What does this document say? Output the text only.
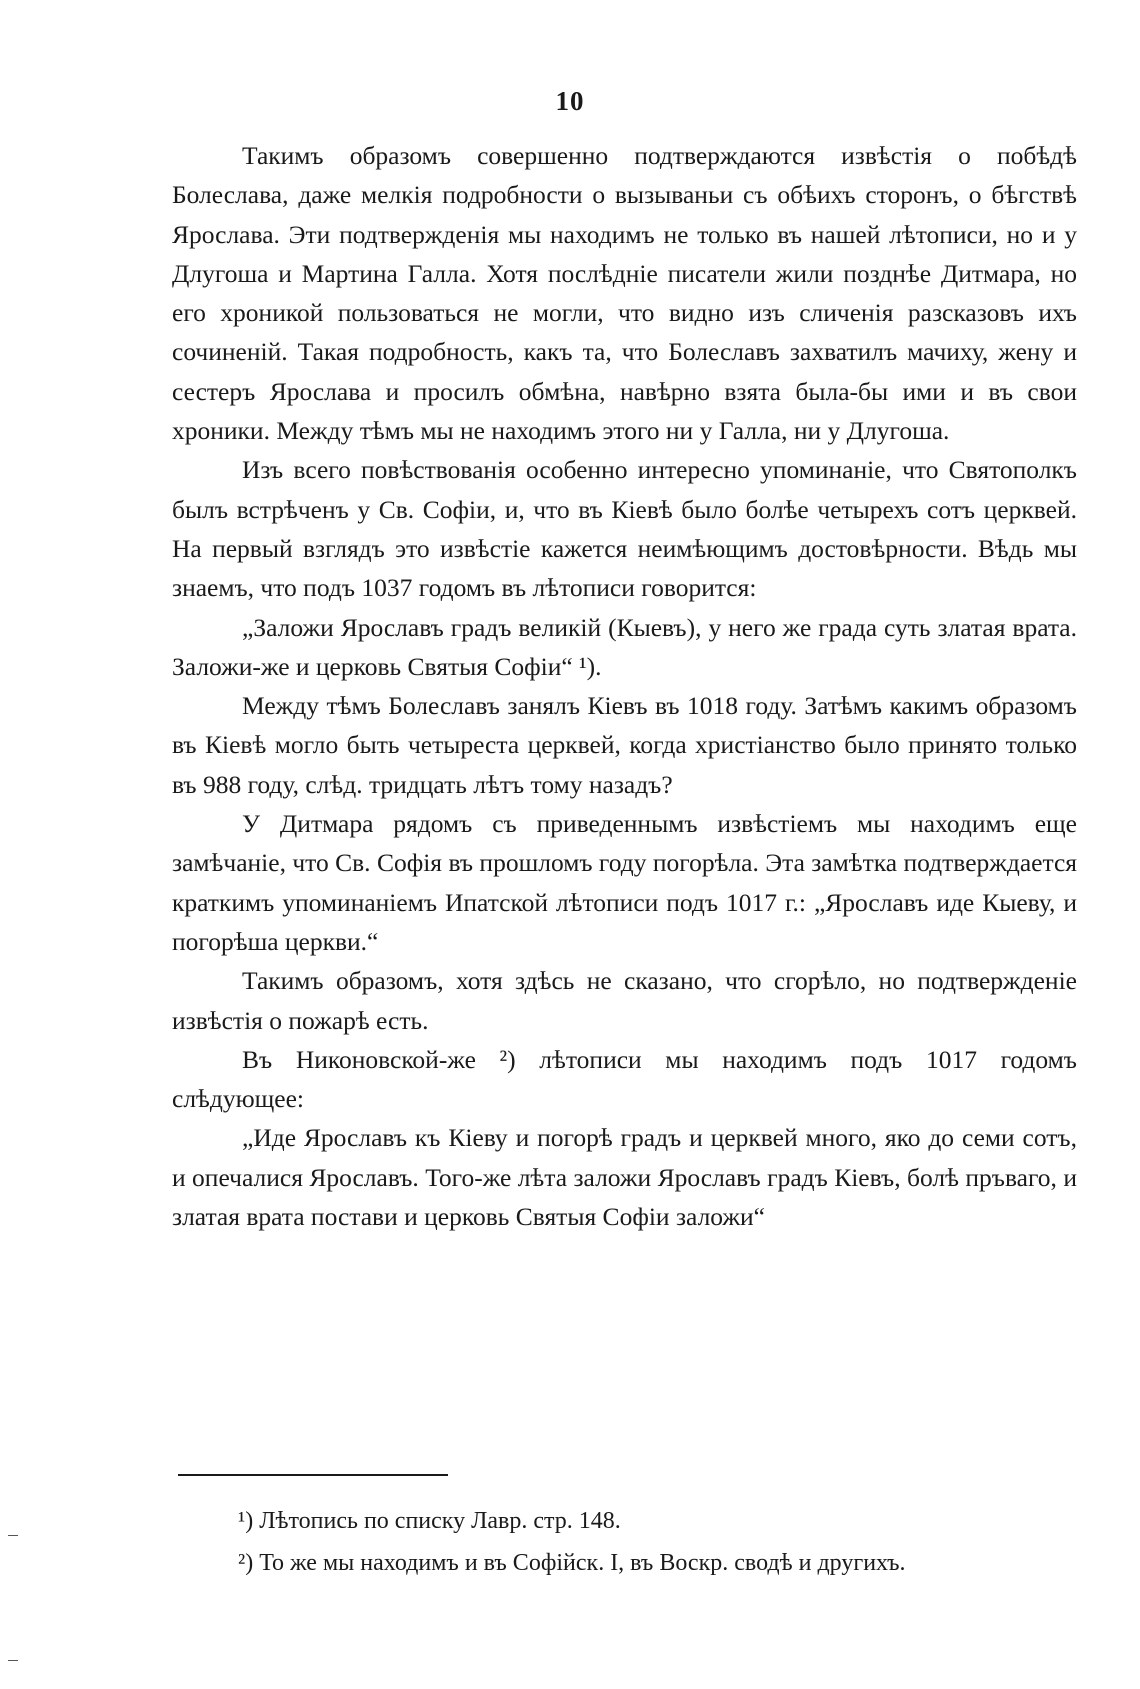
10

Такимъ образомъ совершенно подтверждаются извѣстія о побѣдѣ Болеслава, даже мелкія подробности о вызываньи съ обѣихъ сторонъ, о бѣгствѣ Ярослава. Эти подтвержденія мы находимъ не только въ нашей лѣтописи, но и у Длугоша и Мартина Галла. Хотя послѣдніе писатели жили позднѣе Дитмара, но его хроникой пользоваться не могли, что видно изъ сличенія разсказовъ ихъ сочиненій. Такая подробность, какъ та, что Болеславъ захватилъ мачиху, жену и сестеръ Ярослава и просилъ обмѣна, навѣрно взята была-бы ими и въ свои хроники. Между тѣмъ мы не находимъ этого ни у Галла, ни у Длугоша.

Изъ всего повѣствованія особенно интересно упоминаніе, что Святополкъ былъ встрѣченъ у Св. Софіи, и, что въ Кіевѣ было болѣе четырехъ сотъ церквей. На первый взглядъ это извѣстіе кажется неимѣющимъ достовѣрности. Вѣдь мы знаемъ, что подъ 1037 годомъ въ лѣтописи говорится:

„Заложи Ярославъ градъ великій (Кыевъ), у него же града суть златая врата. Заложи-же и церковь Святыя Софіи“ ¹).

Между тѣмъ Болеславъ занялъ Кіевъ въ 1018 году. Затѣмъ какимъ образомъ въ Кіевѣ могло быть четыреста церквей, когда христіанство было принято только въ 988 году, слѣд. тридцать лѣтъ тому назадъ?

У Дитмара рядомъ съ приведеннымъ извѣстіемъ мы находимъ еще замѣчаніе, что Св. Софія въ прошломъ году погорѣла. Эта замѣтка подтверждается краткимъ упоминаніемъ Ипатской лѣтописи подъ 1017 г.: „Ярославъ иде Кыеву, и погорѣша церкви.“

Такимъ образомъ, хотя здѣсь не сказано, что сгорѣло, но подтвержденіе извѣстія о пожарѣ есть.

Въ Никоновской-же ²) лѣтописи мы находимъ подъ 1017 годомъ слѣдующее:

„Иде Ярославъ къ Кіеву и погорѣ градъ и церквей много, яко до семи сотъ, и опечалися Ярославъ. Того-же лѣта заложи Ярославъ градъ Кіевъ, болѣ пръваго, и златая врата постави и церковь Святыя Софіи заложи“

¹) Лѣтопись по списку Лавр. стр. 148.

²) То же мы находимъ и въ Софійск. I, въ Воскр. сводѣ и другихъ.
